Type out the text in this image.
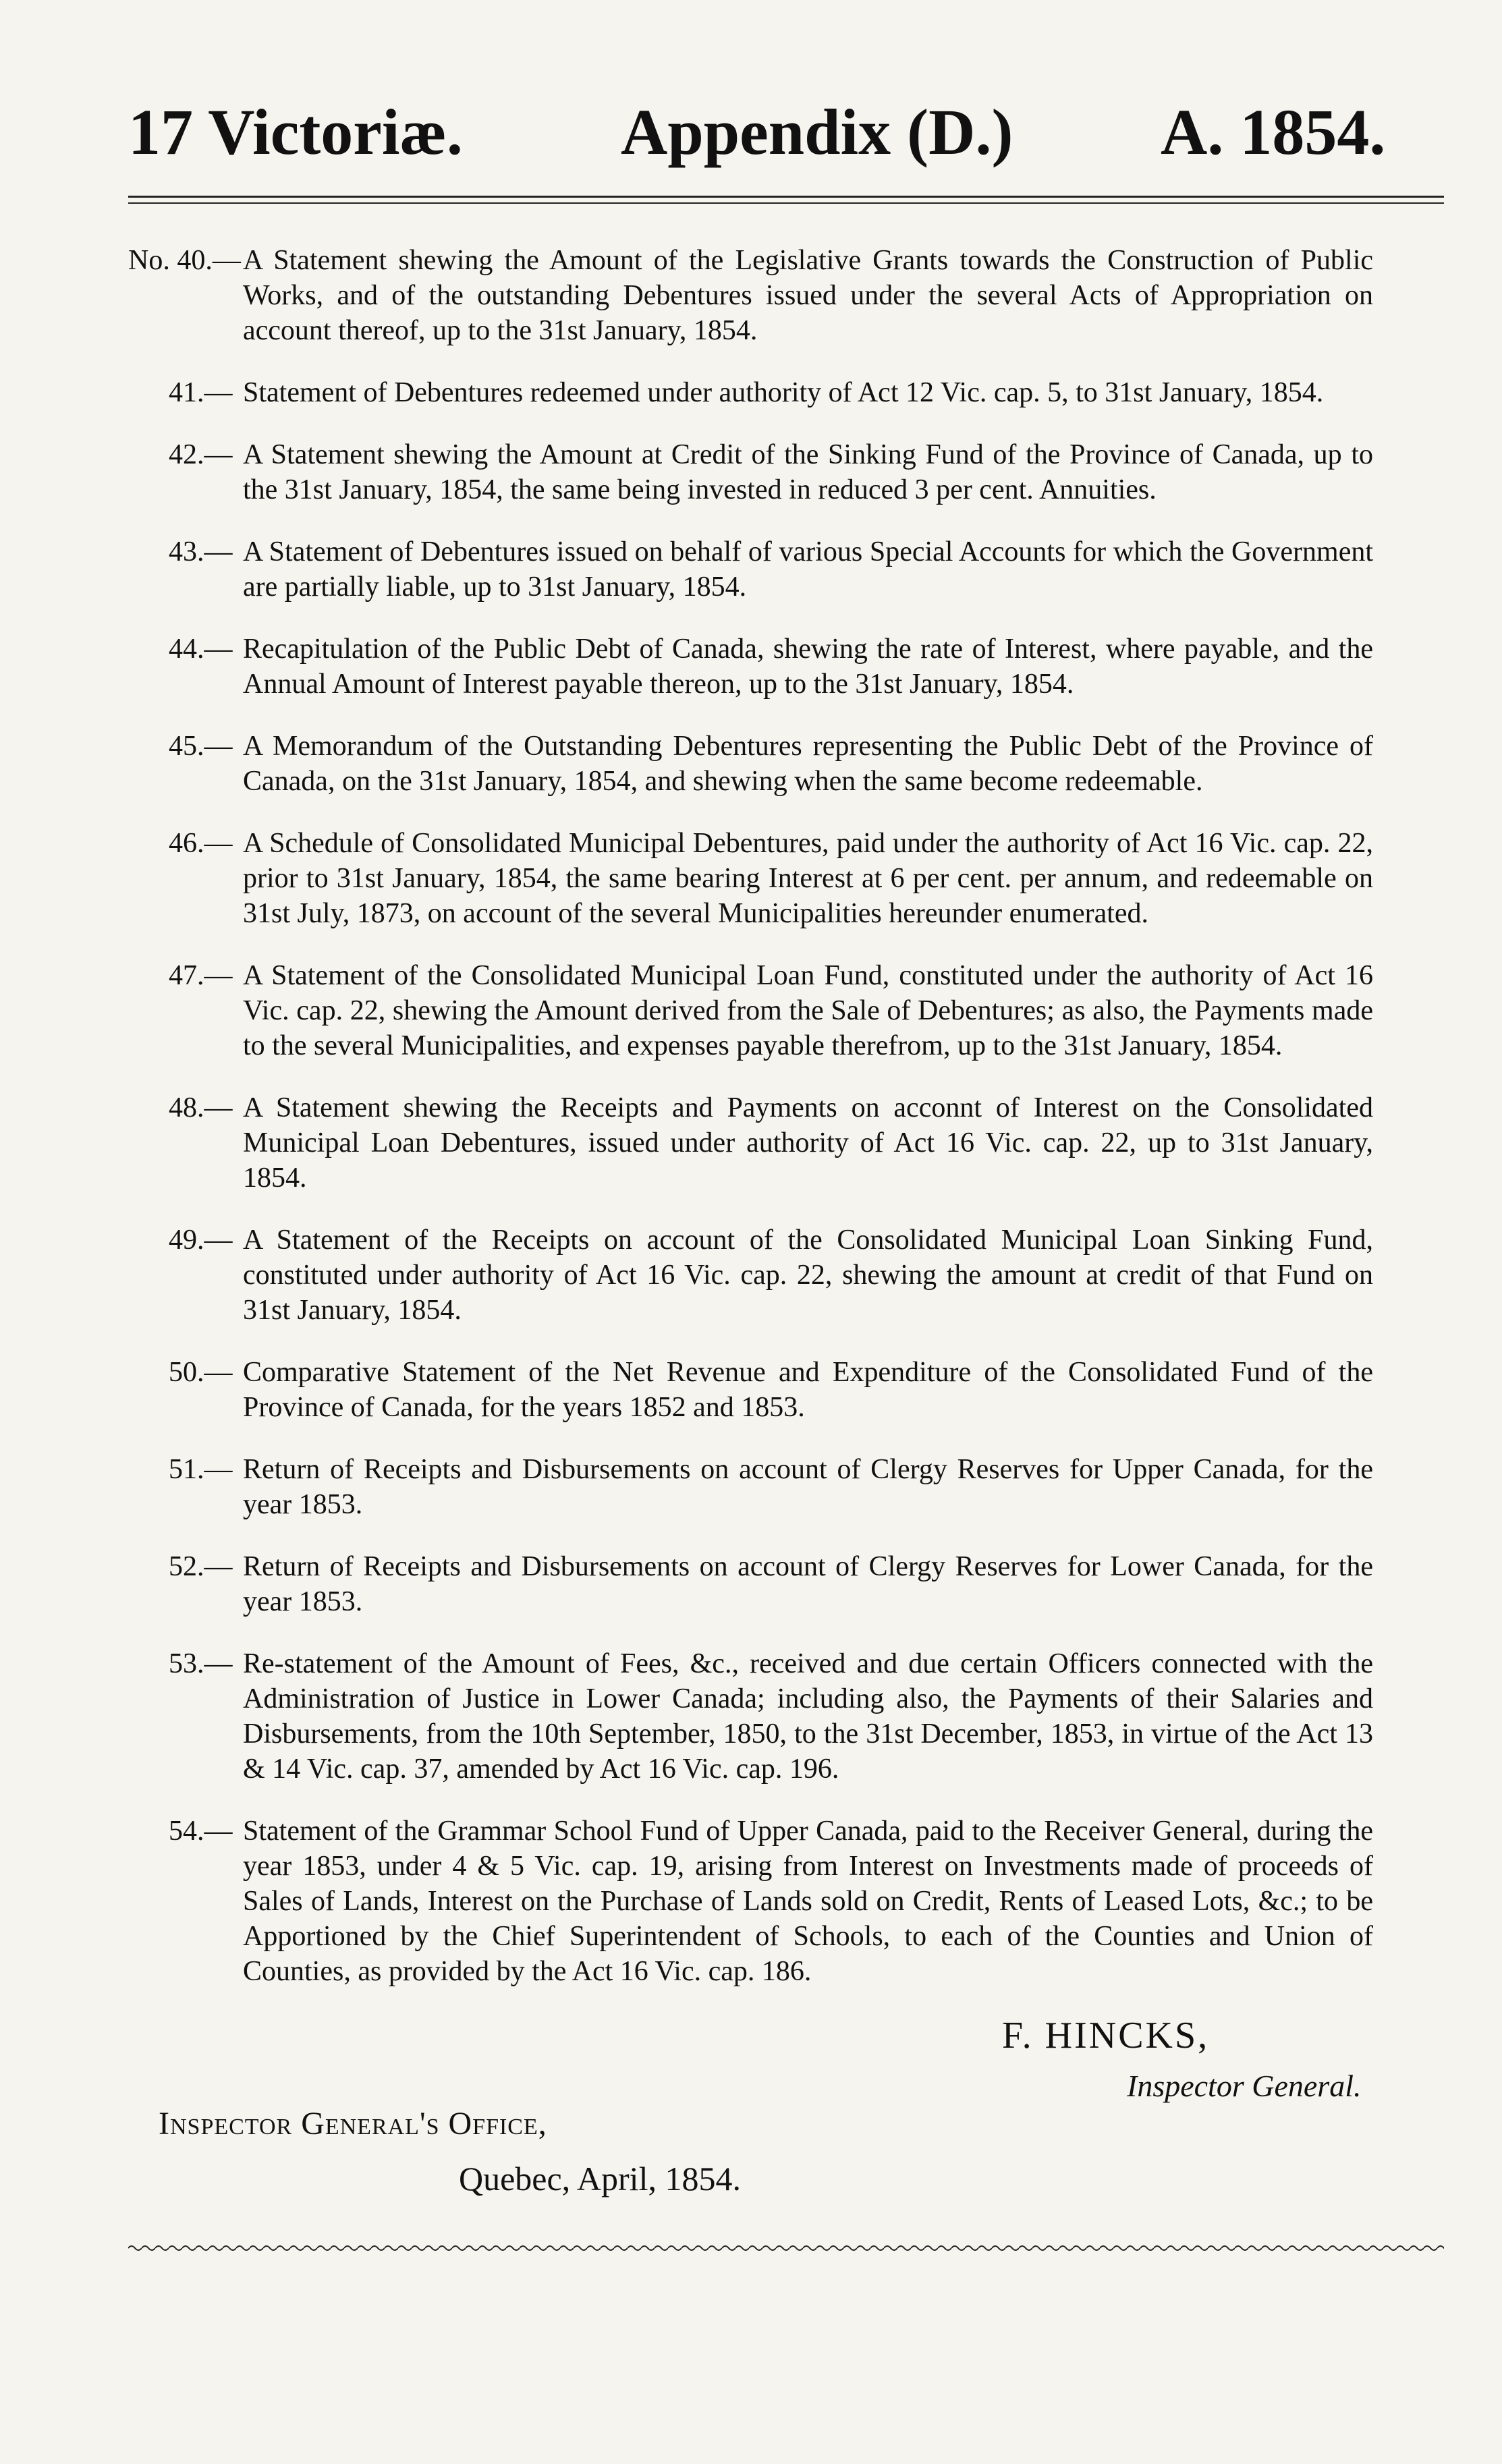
17 Victoriæ. Appendix (D.) A. 1854.
No. 40.— A Statement shewing the Amount of the Legislative Grants towards the Construction of Public Works, and of the outstanding Debentures issued under the several Acts of Appropriation on account thereof, up to the 31st January, 1854.
41.— Statement of Debentures redeemed under authority of Act 12 Vic. cap. 5, to 31st January, 1854.
42.— A Statement shewing the Amount at Credit of the Sinking Fund of the Province of Canada, up to the 31st January, 1854, the same being invested in reduced 3 per cent. Annuities.
43.— A Statement of Debentures issued on behalf of various Special Accounts for which the Government are partially liable, up to 31st January, 1854.
44.— Recapitulation of the Public Debt of Canada, shewing the rate of Interest, where payable, and the Annual Amount of Interest payable thereon, up to the 31st January, 1854.
45.— A Memorandum of the Outstanding Debentures representing the Public Debt of the Province of Canada, on the 31st January, 1854, and shewing when the same become redeemable.
46.— A Schedule of Consolidated Municipal Debentures, paid under the authority of Act 16 Vic. cap. 22, prior to 31st January, 1854, the same bearing Interest at 6 per cent. per annum, and redeemable on 31st July, 1873, on account of the several Municipalities hereunder enumerated.
47.— A Statement of the Consolidated Municipal Loan Fund, constituted under the authority of Act 16 Vic. cap. 22, shewing the Amount derived from the Sale of Debentures; as also, the Payments made to the several Municipalities, and expenses payable therefrom, up to the 31st January, 1854.
48.— A Statement shewing the Receipts and Payments on acconnt of Interest on the Consolidated Municipal Loan Debentures, issued under authority of Act 16 Vic. cap. 22, up to 31st January, 1854.
49.— A Statement of the Receipts on account of the Consolidated Municipal Loan Sinking Fund, constituted under authority of Act 16 Vic. cap. 22, shewing the amount at credit of that Fund on 31st January, 1854.
50.— Comparative Statement of the Net Revenue and Expenditure of the Consolidated Fund of the Province of Canada, for the years 1852 and 1853.
51.— Return of Receipts and Disbursements on account of Clergy Reserves for Upper Canada, for the year 1853.
52.— Return of Receipts and Disbursements on account of Clergy Reserves for Lower Canada, for the year 1853.
53.— Re-statement of the Amount of Fees, &c., received and due certain Officers connected with the Administration of Justice in Lower Canada; including also, the Payments of their Salaries and Disbursements, from the 10th September, 1850, to the 31st December, 1853, in virtue of the Act 13 & 14 Vic. cap. 37, amended by Act 16 Vic. cap. 196.
54.— Statement of the Grammar School Fund of Upper Canada, paid to the Receiver General, during the year 1853, under 4 & 5 Vic. cap. 19, arising from Interest on Investments made of proceeds of Sales of Lands, Interest on the Purchase of Lands sold on Credit, Rents of Leased Lots, &c.; to be Apportioned by the Chief Superintendent of Schools, to each of the Counties and Union of Counties, as provided by the Act 16 Vic. cap. 186.
F. HINCKS,
Inspector General.
Inspector General's Office,
Quebec, April, 1854.
